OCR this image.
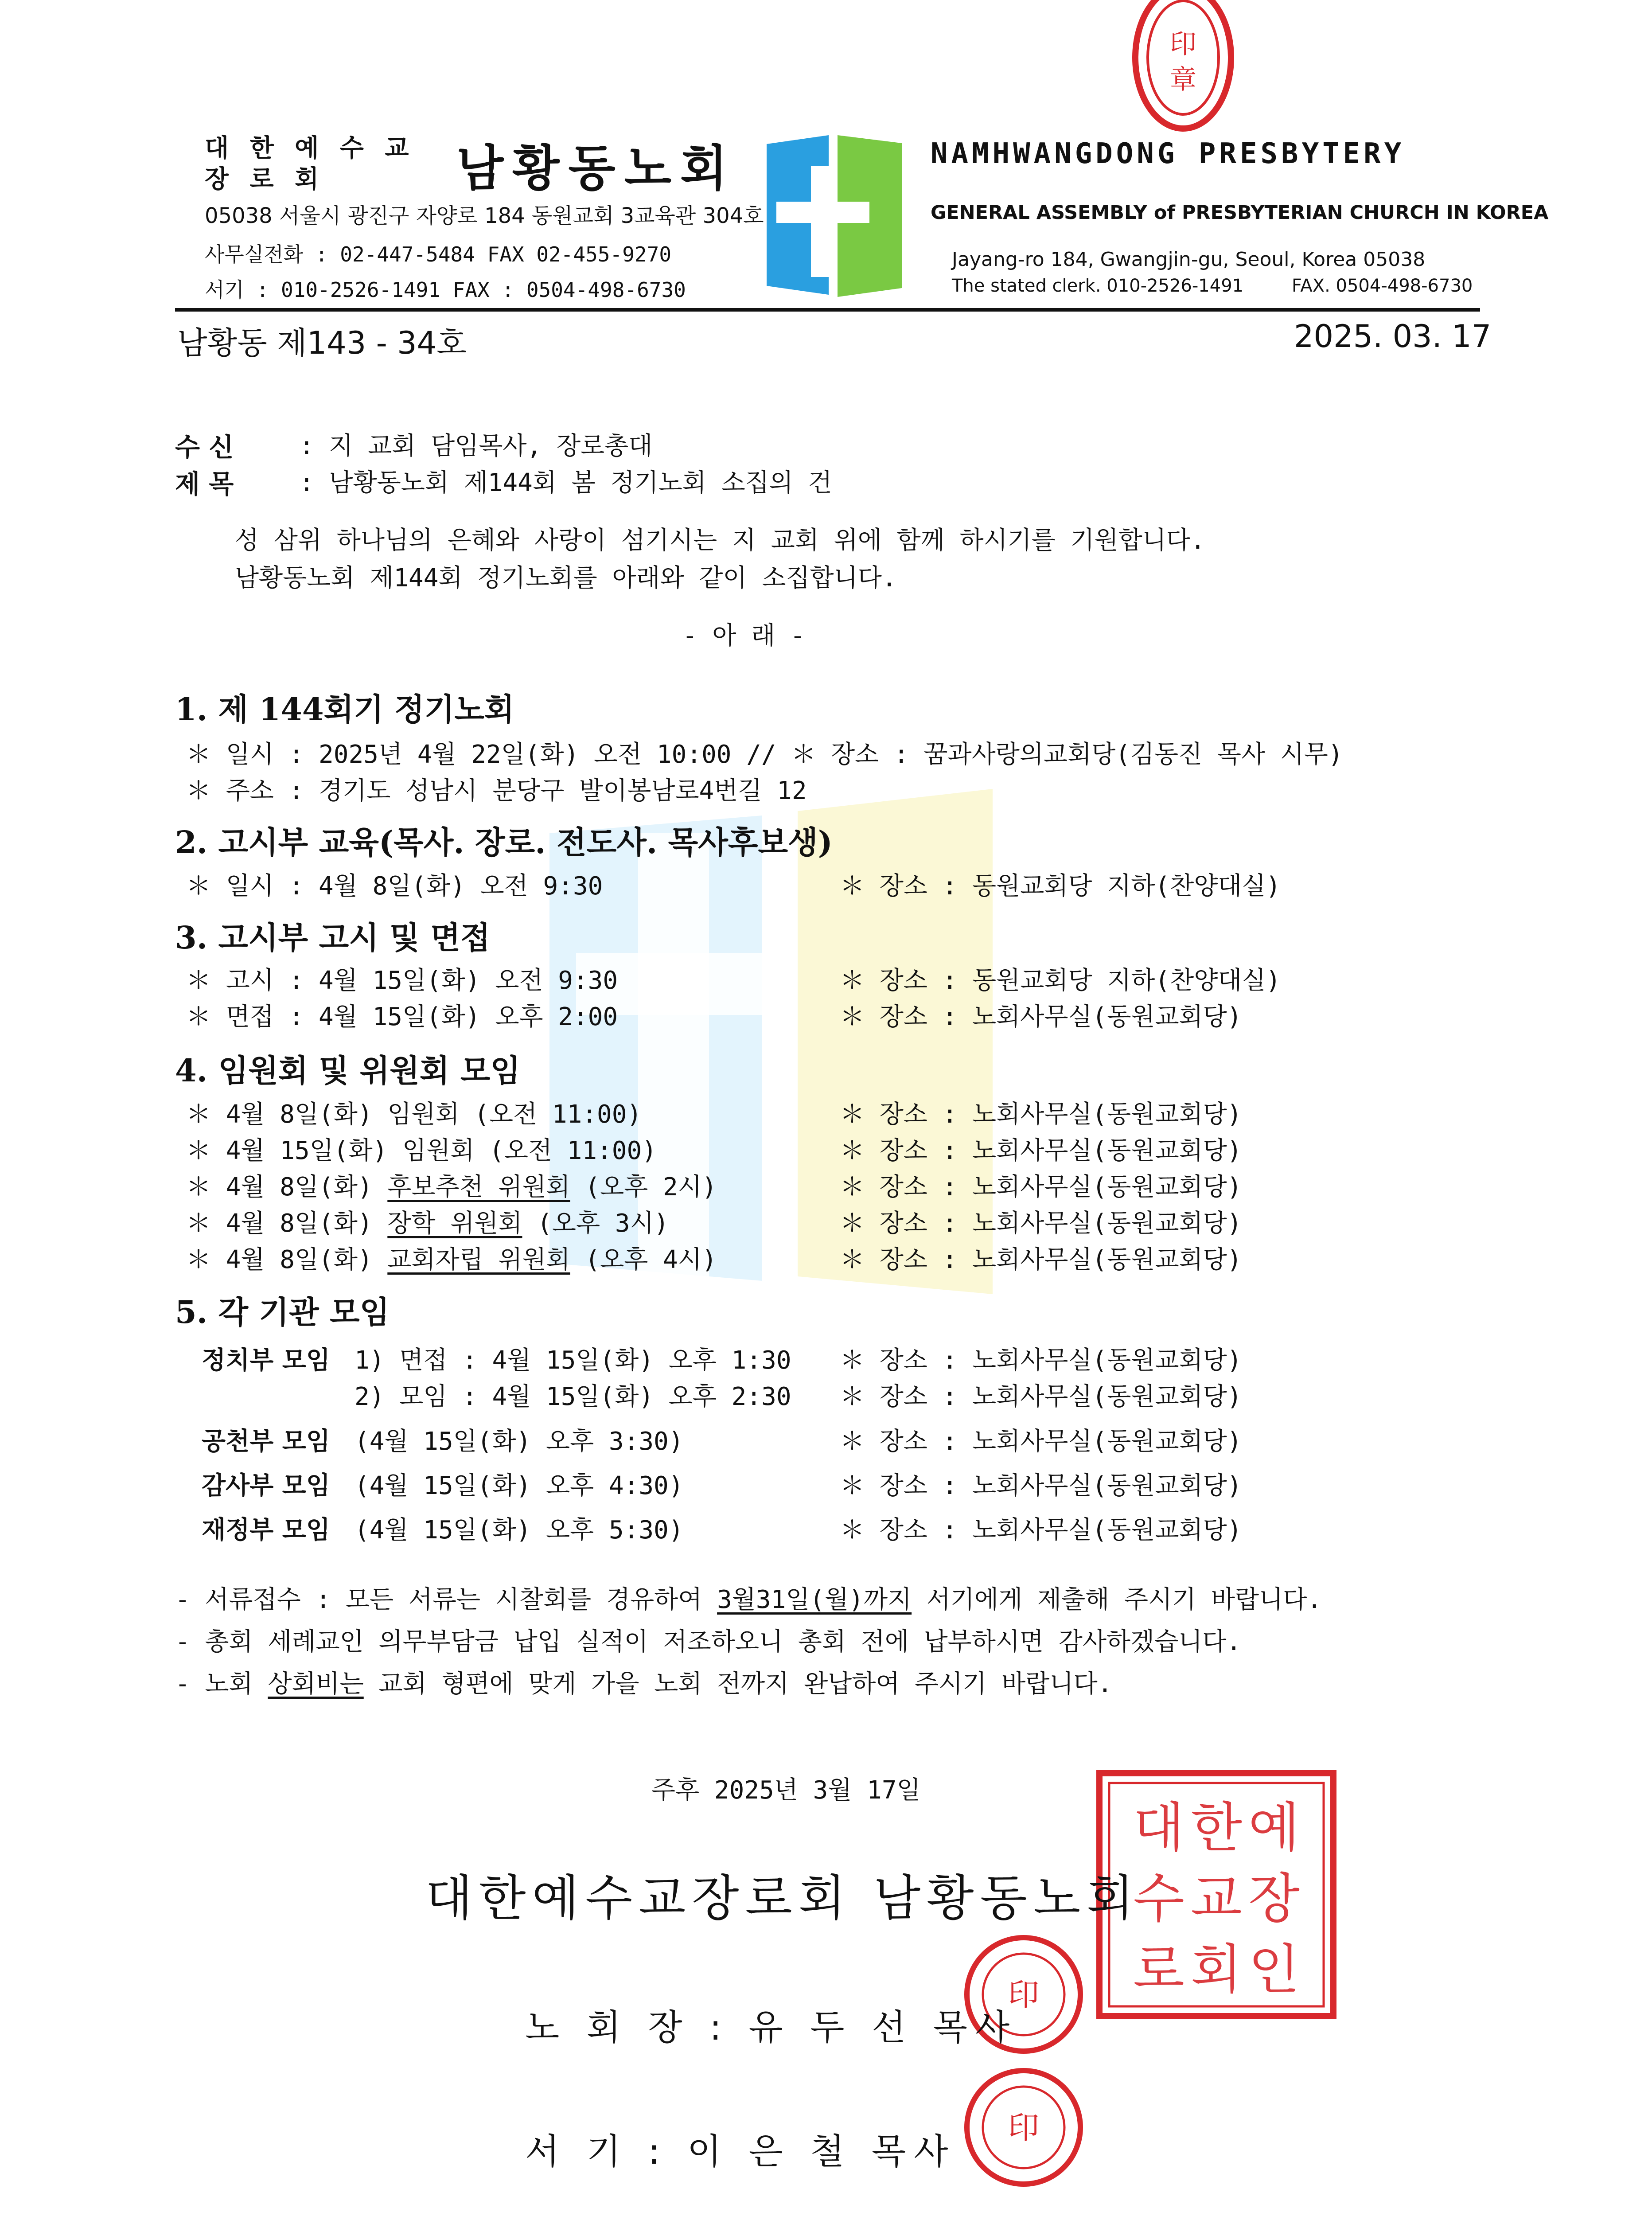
대 한 예 수 교
장 로 회	남황동노회
05038 서울시 광진구 자양로 184 동원교회 3교육관 304호
사무실전화 : 02-447-5484 FAX 02-455-9270
서기 : 010-2526-1491 FAX : 0504-498-6730
NAMHWANGDONG PRESBYTERY
GENERAL ASSEMBLY of PRESBYTERIAN CHURCH IN KOREA
Jayang-ro 184, Gwangjin-gu, Seoul, Korea 05038
The stated clerk. 010-2526-1491	FAX. 0504-498-6730
印
章
남황동 제143 - 34호	2025. 03. 17
수 신	: 지 교회 담임목사, 장로총대
제 목	: 남황동노회 제144회 봄 정기노회 소집의 건
성 삼위 하나님의 은혜와 사랑이 섬기시는 지 교회 위에 함께 하시기를 기원합니다.
남황동노회 제144회 정기노회를 아래와 같이 소집합니다.
- 아 래 -
1. 제 144회기 정기노회
＊ 일시 : 2025년 4월 22일(화) 오전 10:00 // ＊ 장소 : 꿈과사랑의교회당(김동진 목사 시무)
＊ 주소 : 경기도 성남시 분당구 발이봉남로4번길 12
2. 고시부 교육(목사. 장로. 전도사. 목사후보생)
＊ 일시 : 4월 8일(화) 오전 9:30	＊ 장소 : 동원교회당 지하(찬양대실)
3. 고시부 고시 및 면접
＊ 고시 : 4월 15일(화) 오전 9:30	＊ 장소 : 동원교회당 지하(찬양대실)
＊ 면접 : 4월 15일(화) 오후 2:00	＊ 장소 : 노회사무실(동원교회당)
4. 임원회 및 위원회 모임
＊ 4월 8일(화) 임원회 (오전 11:00)	＊ 장소 : 노회사무실(동원교회당)
＊ 4월 15일(화) 임원회 (오전 11:00)	＊ 장소 : 노회사무실(동원교회당)
＊ 4월 8일(화) 후보추천 위원회 (오후 2시)	＊ 장소 : 노회사무실(동원교회당)
＊ 4월 8일(화) 장학 위원회 (오후 3시)	＊ 장소 : 노회사무실(동원교회당)
＊ 4월 8일(화) 교회자립 위원회 (오후 4시)	＊ 장소 : 노회사무실(동원교회당)
5. 각 기관 모임
정치부 모임 1) 면접 : 4월 15일(화) 오후 1:30 ＊ 장소 : 노회사무실(동원교회당)
2) 모임 : 4월 15일(화) 오후 2:30 ＊ 장소 : 노회사무실(동원교회당)
공천부 모임 (4월 15일(화) 오후 3:30)	＊ 장소 : 노회사무실(동원교회당)
감사부 모임 (4월 15일(화) 오후 4:30)	＊ 장소 : 노회사무실(동원교회당)
재정부 모임 (4월 15일(화) 오후 5:30)	＊ 장소 : 노회사무실(동원교회당)
- 서류접수 : 모든 서류는 시찰회를 경유하여 3월31일(월)까지 서기에게 제출해 주시기 바랍니다.
- 총회 세례교인 의무부담금 납입 실적이 저조하오니 총회 전에 납부하시면 감사하겠습니다.
- 노회 상회비는 교회 형편에 맞게 가을 노회 전까지 완납하여 주시기 바랍니다.
주후 2025년 3월 17일
대 한 예
수 교 장
로 회 인
대한예수교장로회 남황동노회
印
印
노 회 장 : 유 두 선 목사
서 기 : 이 은 철 목사
